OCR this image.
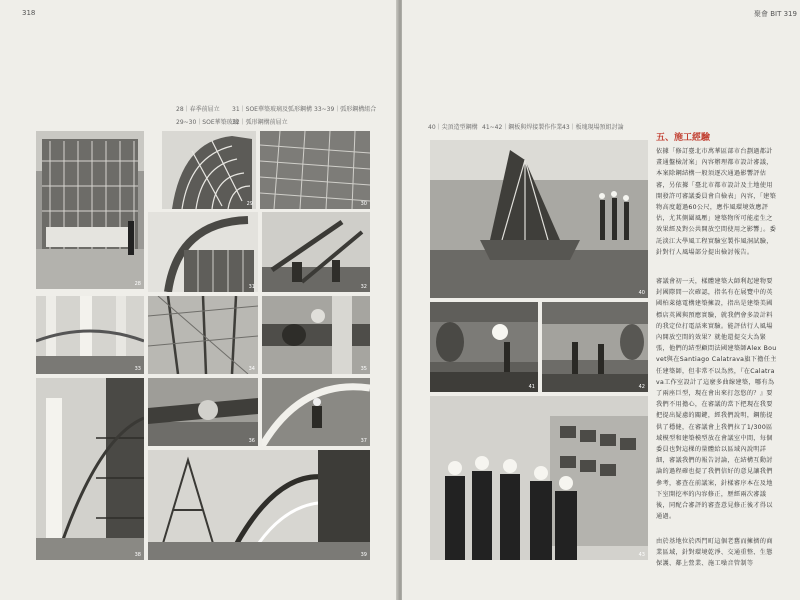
318
28｜春季前屈立 31｜SOE華築玻璃及弧形鋼構 33~39｜弧形鋼構組合
29~30｜SOE華築玻璃
32｜弧形鋼構前屈立
28
29	30
31	32
33	34	35
36	37
38	39
聚會 BIT 319
40｜尖頂造型鋼構 41~42｜鋼板與焊接製作作業 43｜板塊現場預組討論
40
41	42
43
五、施工經驗
依據「修訂臺北市萬華區部市台劃過都計畫通盤檢討案」內容辦理都市設計審議，本案除鋼結構一般須逐次通過影響評估審，另依據「臺北市都市設計及土地使用開發許可審議委員會自檢表」內容，「建築物高度超過60公尺，應作風環境效應評估，尤其側圍風壓」建築物所可能產生之效果經及對公共開放空間使用之影響」。委託淡江大學風工程實驗室製作風洞試驗，針對行人風場部分提出檢討報告。
審議會初一天，樣體建築大師利起建物要封國際間一次確認，指名有在展覽中的英國柏萊德電構建築擁設，指出是建築美國標店英國與預應實驗，就我們會多設計料的我定位打電話來實驗。能評估行人風場內開放空間的效果？就他還提交大為緊張，他們的結型顧問法國建築師Alex Bouvet與在Santiago Calatrava旗下擔任主任建築師，但非常不以為然，『在Calatrava工作室設計了這麼多曲線建築，哪有為了兩座巨型，現在會出來打忽悠的？』要我們不用擔心，在審議的當下把現在我要把提出疑慮的關鍵，經我們說明，鋼筋提供了穩健，在審議會上我們拉了1/300區域模型和建築模型放在會議室中間，每個委員也對這棵的量體給以區域內說明詳細，審議我們的報告討論，在結構互動討論的過程確也提了我們信好的意見讓我們參考，審查在前議案，針樣審序本在及地下室開挖率的內容修正，歷經兩次審議後，同配合審評的審查意見修正後才得以通過。
由於基地位於西門町這個老舊而擁擠的商業區域，針對環境乾淨、交通重整、生態保護、鄰上營業、施工噪音管制等
